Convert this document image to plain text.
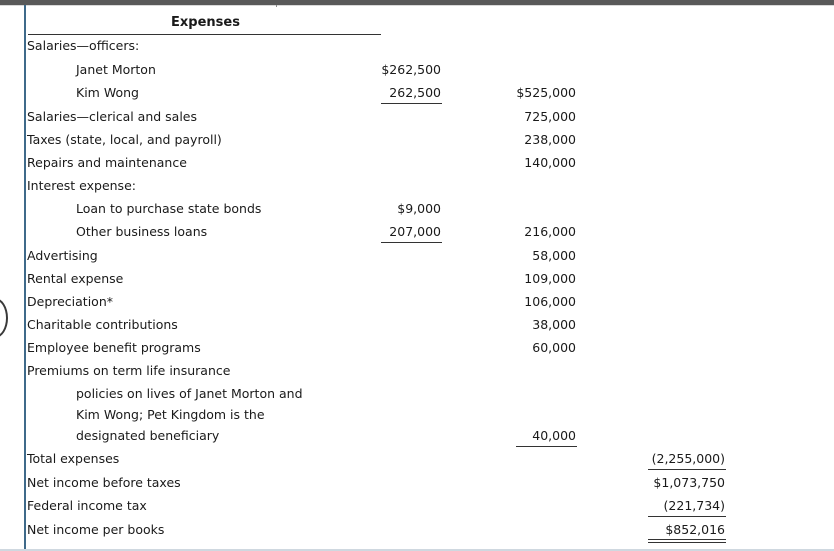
Expenses
Salaries—officers:
Janet Morton	$262,500
Kim Wong	262,500	$525,000
Salaries—clerical and sales	725,000
Taxes (state, local, and payroll)	238,000
Repairs and maintenance	140,000
Interest expense:
Loan to purchase state bonds	$9,000
Other business loans	207,000	216,000
Advertising	58,000
Rental expense	109,000
Depreciation*	106,000
Charitable contributions	38,000
Employee benefit programs	60,000
Premiums on term life insurance
policies on lives of Janet Morton and
Kim Wong; Pet Kingdom is the
designated beneficiary	40,000
Total expenses	(2,255,000)
Net income before taxes	$1,073,750
Federal income tax	(221,734)
Net income per books	$852,016
